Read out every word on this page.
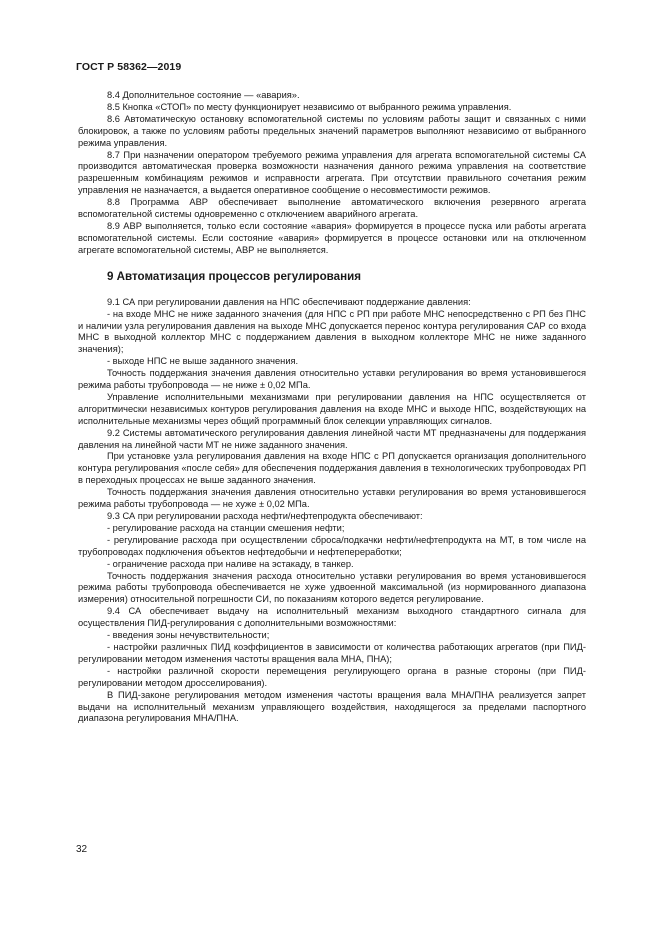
ГОСТ Р 58362—2019

8.4 Дополнительное состояние — «авария».

8.5 Кнопка «СТОП» по месту функционирует независимо от выбранного режима управления.

8.6 Автоматическую остановку вспомогательной системы по условиям работы защит и связанных с ними блокировок, а также по условиям работы предельных значений параметров выполняют независимо от выбранного режима управления.

8.7 При назначении оператором требуемого режима управления для агрегата вспомогательной системы СА производится автоматическая проверка возможности назначения данного режима управления на соответствие разрешенным комбинациям режимов и исправности агрегата. При отсутствии правильного сочетания режим управления не назначается, а выдается оперативное сообщение о несовместимости режимов.

8.8 Программа АВР обеспечивает выполнение автоматического включения резервного агрегата вспомогательной системы одновременно с отключением аварийного агрегата.

8.9 АВР выполняется, только если состояние «авария» формируется в процессе пуска или работы агрегата вспомогательной системы. Если состояние «авария» формируется в процессе остановки или на отключенном агрегате вспомогательной системы, АВР не выполняется.

9 Автоматизация процессов регулирования

9.1 СА при регулировании давления на НПС обеспечивают поддержание давления:

- на входе МНС не ниже заданного значения (для НПС с РП при работе МНС непосредственно с РП без ПНС и наличии узла регулирования давления на выходе МНС допускается перенос контура регулирования САР со входа МНС в выходной коллектор МНС с поддержанием давления в выходном коллекторе МНС не ниже заданного значения);

- выходе НПС не выше заданного значения.

Точность поддержания значения давления относительно уставки регулирования во время установившегося режима работы трубопровода — не ниже ± 0,02 МПа.

Управление исполнительными механизмами при регулировании давления на НПС осуществляется от алгоритмически независимых контуров регулирования давления на входе МНС и выходе НПС, воздействующих на исполнительные механизмы через общий программный блок селекции управляющих сигналов.

9.2 Системы автоматического регулирования давления линейной части МТ предназначены для поддержания давления на линейной части МТ не ниже заданного значения.

При установке узла регулирования давления на входе НПС с РП допускается организация дополнительного контура регулирования «после себя» для обеспечения поддержания давления в технологических трубопроводах РП в переходных процессах не выше заданного значения.

Точность поддержания значения давления относительно уставки регулирования во время установившегося режима работы трубопровода — не хуже ± 0,02 МПа.

9.3 СА при регулировании расхода нефти/нефтепродукта обеспечивают:

- регулирование расхода на станции смешения нефти;

- регулирование расхода при осуществлении сброса/подкачки нефти/нефтепродукта на МТ, в том числе на трубопроводах подключения объектов нефтедобычи и нефтепереработки;

- ограничение расхода при наливе на эстакаду, в танкер.

Точность поддержания значения расхода относительно уставки регулирования во время установившегося режима работы трубопровода обеспечивается не хуже удвоенной максимальной (из нормированного диапазона измерения) относительной погрешности СИ, по показаниям которого ведется регулирование.

9.4 СА обеспечивает выдачу на исполнительный механизм выходного стандартного сигнала для осуществления ПИД-регулирования с дополнительными возможностями:

- введения зоны нечувствительности;

- настройки различных ПИД коэффициентов в зависимости от количества работающих агрегатов (при ПИД-регулировании методом изменения частоты вращения вала МНА, ПНА);

- настройки различной скорости перемещения регулирующего органа в разные стороны (при ПИД-регулировании методом дросселирования).

В ПИД-законе регулирования методом изменения частоты вращения вала МНА/ПНА реализуется запрет выдачи на исполнительный механизм управляющего воздействия, находящегося за пределами паспортного диапазона регулирования МНА/ПНА.

32
